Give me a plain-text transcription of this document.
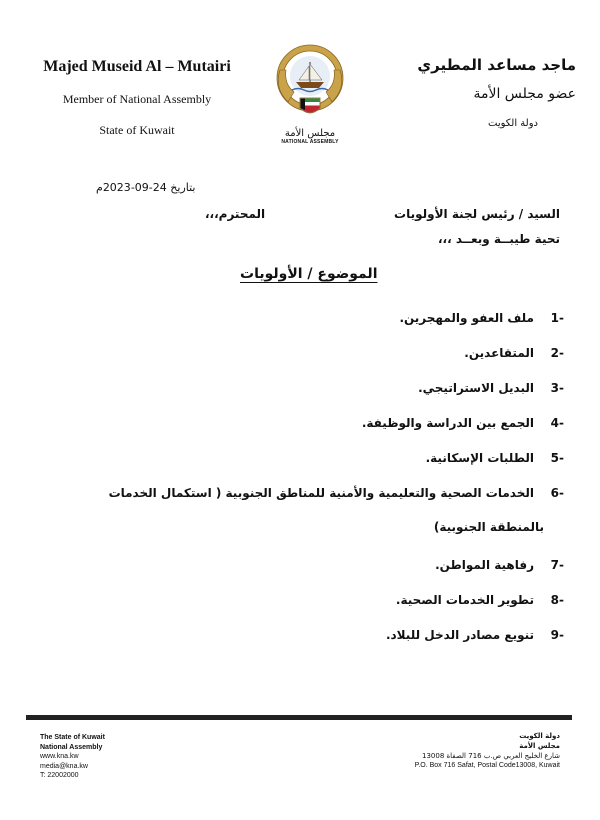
Majed Museid Al – Mutairi
Member of National Assembly
State of Kuwait	مجلس الأمة
NATIONAL ASSEMBLY
ماجد مساعد المطيري
عضو مجلس الأمة
دولة الكويت
بتاريخ 24-09-2023م
السيد / رئيس لجنة الأولويات
المحترم،،،
تحية طيبــة وبعــد ،،،
الموضوع / الأولويات
-1ملف العفو والمهجرين.
-2المتقاعدين.
-3البديل الاستراتيجي.
-4الجمع بين الدراسة والوظيفة.
-5الطلبات الإسكانية.
-6الخدمات الصحية والتعليمية والأمنية للمناطق الجنوبية ( استكمال الخدمات
بالمنطقة الجنوبية)
-7رفاهية المواطن.
-8تطوير الخدمات الصحية.
-9تنويع مصادر الدخل للبلاد.
The State of Kuwait
National Assembly
www.kna.kw
media@kna.kw
T: 22002000
دولة الكويت
مجلس الأمة
شارع الخليج العربي ص.ب 716 الصفاة 13008
P.O. Box 716 Safat, Postal Code13008, Kuwait
